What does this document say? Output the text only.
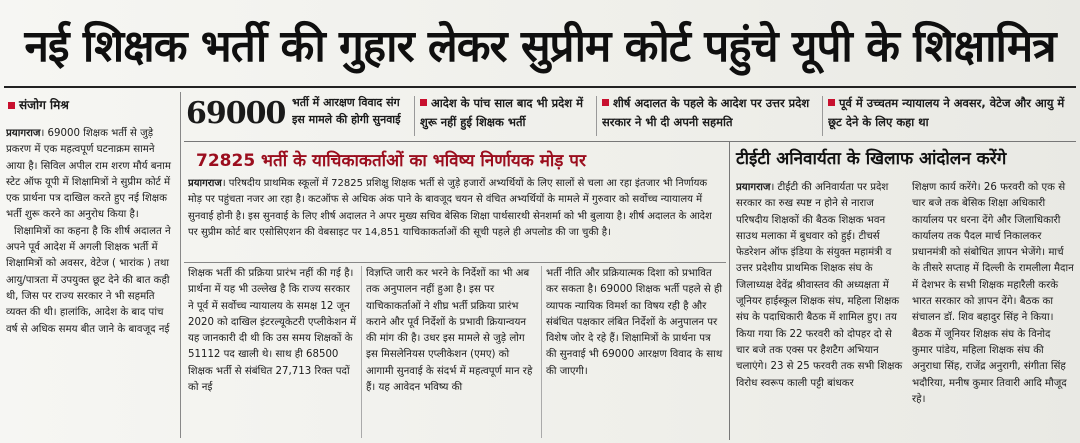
नई शिक्षक भर्ती की गुहार लेकर सुप्रीम कोर्ट पहुंचे यूपी के शिक्षामित्र
संजोग मिश्र	69000 भर्ती में आरक्षण विवाद संग इस मामले की होगी सुनवाई
आदेश के पांच साल बाद भी प्रदेश में शुरू नहीं हुई शिक्षक भर्ती
शीर्ष अदालत के पहले के आदेश पर उत्तर प्रदेश सरकार ने भी दी अपनी सहमति
पूर्व में उच्चतम न्यायालय ने अवसर, वेटेज और आयु में छूट देने के लिए कहा था

प्रयागराज। 69000 शिक्षक भर्ती से जुड़े प्रकरण में एक महत्वपूर्ण घटनाक्रम सामने आया है। सिविल अपील राम शरण मौर्य बनाम स्टेट ऑफ यूपी में शिक्षामित्रों ने सुप्रीम कोर्ट में एक प्रार्थना पत्र दाखिल करते हुए नई शिक्षक भर्ती शुरू करने का अनुरोध किया है।

शिक्षामित्रों का कहना है कि शीर्ष अदालत ने अपने पूर्व आदेश में अगली शिक्षक भर्ती में शिक्षामित्रों को अवसर, वेटेज ( भारांक ) तथा आयु/पात्रता में उपयुक्त छूट देने की बात कही थी, जिस पर राज्य सरकार ने भी सहमति व्यक्त की थी। हालांकि, आदेश के बाद पांच वर्ष से अधिक समय बीत जाने के बावजूद नई

72825 भर्ती के याचिकाकर्ताओं का भविष्य निर्णायक मोड़ पर
प्रयागराज। परिषदीय प्राथमिक स्कूलों में 72825 प्रशिक्षु शिक्षक भर्ती से जुड़े हजारों अभ्यर्थियों के लिए सालों से चला आ रहा इंतजार भी निर्णायक मोड़ पर पहुंचता नजर आ रहा है। कटऑफ से अधिक अंक पाने के बावजूद चयन से वंचित अभ्यर्थियों के मामले में गुरुवार को सर्वोच्च न्यायालय में सुनवाई होनी है। इस सुनवाई के लिए शीर्ष अदालत ने अपर मुख्य सचिव बेसिक शिक्षा पार्थसारथी सेनशर्मा को भी बुलाया है। शीर्ष अदालत के आदेश पर सुप्रीम कोर्ट बार एसोसिएशन की वेबसाइट पर 14,851 याचिकाकर्ताओं की सूची पहले ही अपलोड की जा चुकी है।
शिक्षक भर्ती की प्रक्रिया प्रारंभ नहीं की गई है। प्रार्थना में यह भी उल्लेख है कि राज्य सरकार ने पूर्व में सर्वोच्च न्यायालय के समक्ष 12 जून 2020 को दाखिल इंटरल्यूकेटरी एप्लीकेशन में यह जानकारी दी थी कि उस समय शिक्षकों के 51112 पद खाली थे। साथ ही 68500 शिक्षक भर्ती से संबंधित 27,713 रिक्त पदों को नई
विज्ञप्ति जारी कर भरने के निर्देशों का भी अब तक अनुपालन नहीं हुआ है। इस पर याचिकाकर्ताओं ने शीघ्र भर्ती प्रक्रिया प्रारंभ कराने और पूर्व निर्देशों के प्रभावी क्रियान्वयन की मांग की है। उधर इस मामले से जुड़े लोग इस मिसलेनियस एप्लीकेशन (एमए) को आगामी सुनवाई के संदर्भ में महत्वपूर्ण मान रहे हैं। यह आवेदन भविष्य की
भर्ती नीति और प्रक्रियात्मक दिशा को प्रभावित कर सकता है। 69000 शिक्षक भर्ती पहले से ही व्यापक न्यायिक विमर्श का विषय रही है और संबंधित पक्षकार लंबित निर्देशों के अनुपालन पर विशेष जोर दे रहे हैं। शिक्षामित्रों के प्रार्थना पत्र की सुनवाई भी 69000 आरक्षण विवाद के साथ की जाएगी।
टीईटी अनिवार्यता के खिलाफ आंदोलन करेंगे
प्रयागराज। टीईटी की अनिवार्यता पर प्रदेश सरकार का रुख स्पष्ट न होने से नाराज परिषदीय शिक्षकों की बैठक शिक्षक भवन साउथ मलाका में बुधवार को हुई। टीचर्स फेडरेशन ऑफ इंडिया के संयुक्त महामंत्री व उत्तर प्रदेशीय प्राथमिक शिक्षक संघ के जिलाध्यक्ष देवेंद्र श्रीवास्तव की अध्यक्षता में जूनियर हाईस्कूल शिक्षक संघ, महिला शिक्षक संघ के पदाधिकारी बैठक में शामिल हुए। तय किया गया कि 22 फरवरी को दोपहर दो से चार बजे तक एक्स पर हैशटैग अभियान चलाएंगे। 23 से 25 फरवरी तक सभी शिक्षक विरोध स्वरूप काली पट्टी बांधकर
शिक्षण कार्य करेंगे। 26 फरवरी को एक से चार बजे तक बेसिक शिक्षा अधिकारी कार्यालय पर धरना देंगे और जिलाधिकारी कार्यालय तक पैदल मार्च निकालकर प्रधानमंत्री को संबोधित ज्ञापन भेजेंगे। मार्च के तीसरे सप्ताह में दिल्ली के रामलीला मैदान में देशभर के सभी शिक्षक महारैली करके भारत सरकार को ज्ञापन देंगे। बैठक का संचालन डॉ. शिव बहादुर सिंह ने किया। बैठक में जूनियर शिक्षक संघ के विनोद कुमार पांडेय, महिला शिक्षक संघ की अनुराधा सिंह, राजेंद्र अनुरागी, संगीता सिंह भदौरिया, मनीष कुमार तिवारी आदि मौजूद रहे।
